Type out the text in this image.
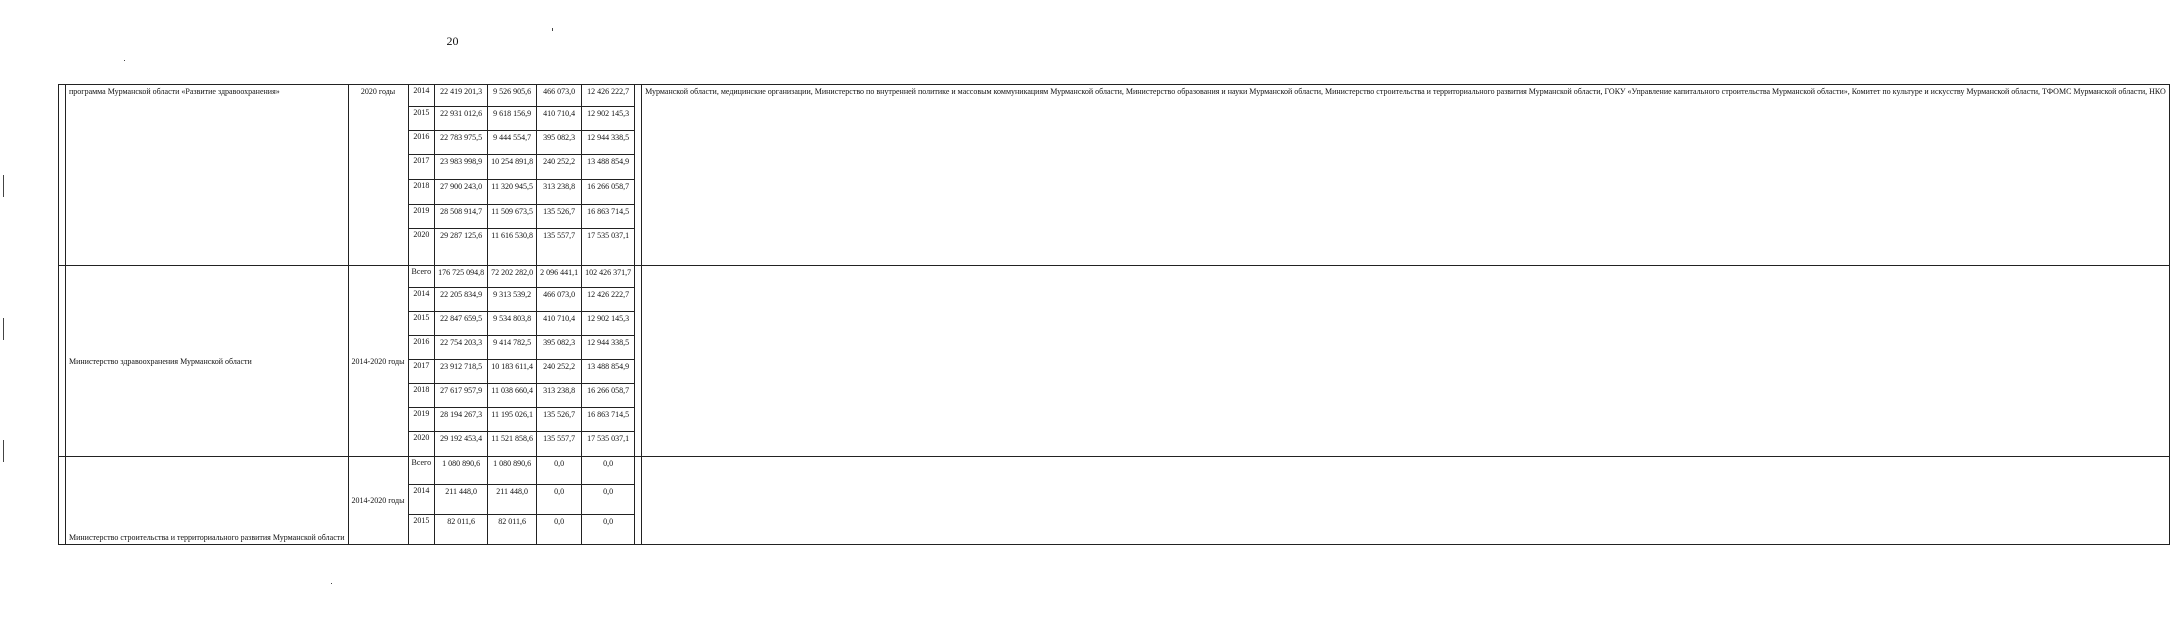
20
	программа Мурманской области «Развитие здравоохранения»	2020 годы	2014	22 419 201,3	9 526 905,6	466 073,0	12 426 222,7		Мурманской области, медицинские организации, Министерство по внутренней политике и массовым коммуникациям Мурманской области, Министерство образования и науки Мурманской области, Министерство строительства и территориального развития Мурманской области, ГОКУ «Управление капитального строительства Мурманской области», Комитет по культуре и искусству Мурманской области, ТФОМС Мурманской области, НКО
			2015	22 931 012,6	9 618 156,9	410 710,4	12 902 145,3		
			2016	22 783 975,5	9 444 554,7	395 082,3	12 944 338,5		
			2017	23 983 998,9	10 254 891,8	240 252,2	13 488 854,9		
			2018	27 900 243,0	11 320 945,5	313 238,8	16 266 058,7		
			2019	28 508 914,7	11 509 673,5	135 526,7	16 863 714,5		
			2020	29 287 125,6	11 616 530,8	135 557,7	17 535 037,1		
	Министерство здравоохранения Мурманской области	2014-2020 годы	Всего	176 725 094,8	72 202 282,0	2 096 441,1	102 426 371,7		
			2014	22 205 834,9	9 313 539,2	466 073,0	12 426 222,7		
			2015	22 847 659,5	9 534 803,8	410 710,4	12 902 145,3		
			2016	22 754 203,3	9 414 782,5	395 082,3	12 944 338,5		
			2017	23 912 718,5	10 183 611,4	240 252,2	13 488 854,9		
			2018	27 617 957,9	11 038 660,4	313 238,8	16 266 058,7		
			2019	28 194 267,3	11 195 026,1	135 526,7	16 863 714,5		
			2020	29 192 453,4	11 521 858,6	135 557,7	17 535 037,1		
	Министерство строительства и территориального развития Мурманской области	2014-2020 годы	Всего	1 080 890,6	1 080 890,6	0,0	0,0		
			2014	211 448,0	211 448,0	0,0	0,0		
			2015	82 011,6	82 011,6	0,0	0,0		
